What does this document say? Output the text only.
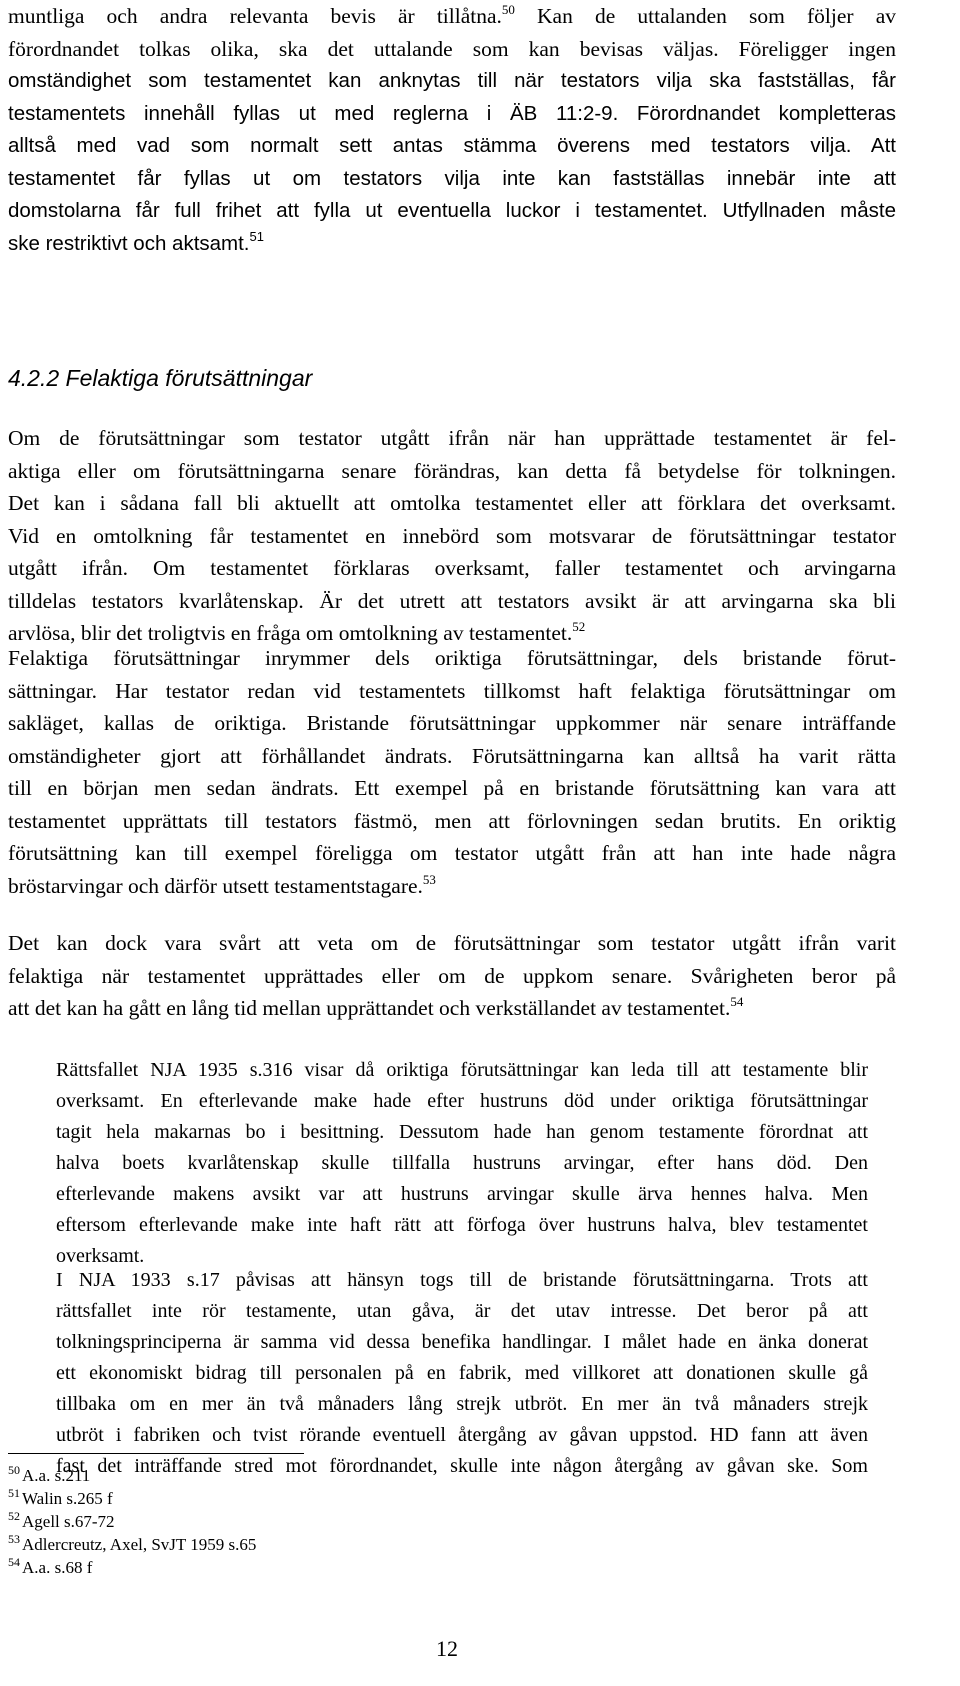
muntliga och andra relevanta bevis är tillåtna.$^{50}$ Kan de uttalanden som följer av
förordnandet tolkas olika, ska det uttalande som kan bevisas väljas. Föreligger ingen
omständighet som testamentet kan anknytas till när testators vilja ska fastställas, får
testamentets innehåll fyllas ut med reglerna i ÄB 11:2-9. Förordnandet kompletteras
alltså med vad som normalt sett antas stämma överens med testators vilja. Att
testamentet får fyllas ut om testators vilja inte kan fastställas innebär inte att
domstolarna får full frihet att fylla ut eventuella luckor i testamentet. Utfyllnaden måste
ske restriktivt och aktsamt.$^{51}$
4.2.2 Felaktiga förutsättningar
Om de förutsättningar som testator utgått ifrån när han upprättade testamentet är fel-
aktiga eller om förutsättningarna senare förändras, kan detta få betydelse för tolkningen.
Det kan i sådana fall bli aktuellt att omtolka testamentet eller att förklara det overksamt.
Vid en omtolkning får testamentet en innebörd som motsvarar de förutsättningar testator
utgått ifrån. Om testamentet förklaras overksamt, faller testamentet och arvingarna
tilldelas testators kvarlåtenskap. Är det utrett att testators avsikt är att arvingarna ska bli
arvlösa, blir det troligtvis en fråga om omtolkning av testamentet.$^{52}$
Felaktiga förutsättningar inrymmer dels oriktiga förutsättningar, dels bristande förut-
sättningar. Har testator redan vid testamentets tillkomst haft felaktiga förutsättningar om
sakläget, kallas de oriktiga. Bristande förutsättningar uppkommer när senare inträffande
omständigheter gjort att förhållandet ändrats. Förutsättningarna kan alltså ha varit rätta
till en början men sedan ändrats. Ett exempel på en bristande förutsättning kan vara att
testamentet upprättats till testators fästmö, men att förlovningen sedan brutits. En oriktig
förutsättning kan till exempel föreligga om testator utgått från att han inte hade några
bröstarvingar och därför utsett testamentstagare.$^{53}$
Det kan dock vara svårt att veta om de förutsättningar som testator utgått ifrån varit
felaktiga när testamentet upprättades eller om de uppkom senare. Svårigheten beror på
att det kan ha gått en lång tid mellan upprättandet och verkställandet av testamentet.$^{54}$
Rättsfallet NJA 1935 s.316 visar då oriktiga förutsättningar kan leda till att testamente blir
overksamt. En efterlevande make hade efter hustruns död under oriktiga förutsättningar
tagit hela makarnas bo i besittning. Dessutom hade han genom testamente förordnat att
halva boets kvarlåtenskap skulle tillfalla hustruns arvingar, efter hans död. Den
efterlevande makens avsikt var att hustruns arvingar skulle ärva hennes halva. Men
eftersom efterlevande make inte haft rätt att förfoga över hustruns halva, blev testamentet
overksamt.
I NJA 1933 s.17 påvisas att hänsyn togs till de bristande förutsättningarna. Trots att
rättsfallet inte rör testamente, utan gåva, är det utav intresse. Det beror på att
tolkningsprinciperna är samma vid dessa benefika handlingar. I målet hade en änka donerat
ett ekonomiskt bidrag till personalen på en fabrik, med villkoret att donationen skulle gå
tillbaka om en mer än två månaders lång strejk utbröt. En mer än två månaders strejk
utbröt i fabriken och tvist rörande eventuell återgång av gåvan uppstod. HD fann att även
fast det inträffande stred mot förordnandet, skulle inte någon återgång av gåvan ske. Som
$^{50}$ A.a. s.211
$^{51}$ Walin s.265 f
$^{52}$ Agell s.67-72
$^{53}$ Adlercreutz, Axel, SvJT 1959 s.65
$^{54}$ A.a. s.68 f
12
